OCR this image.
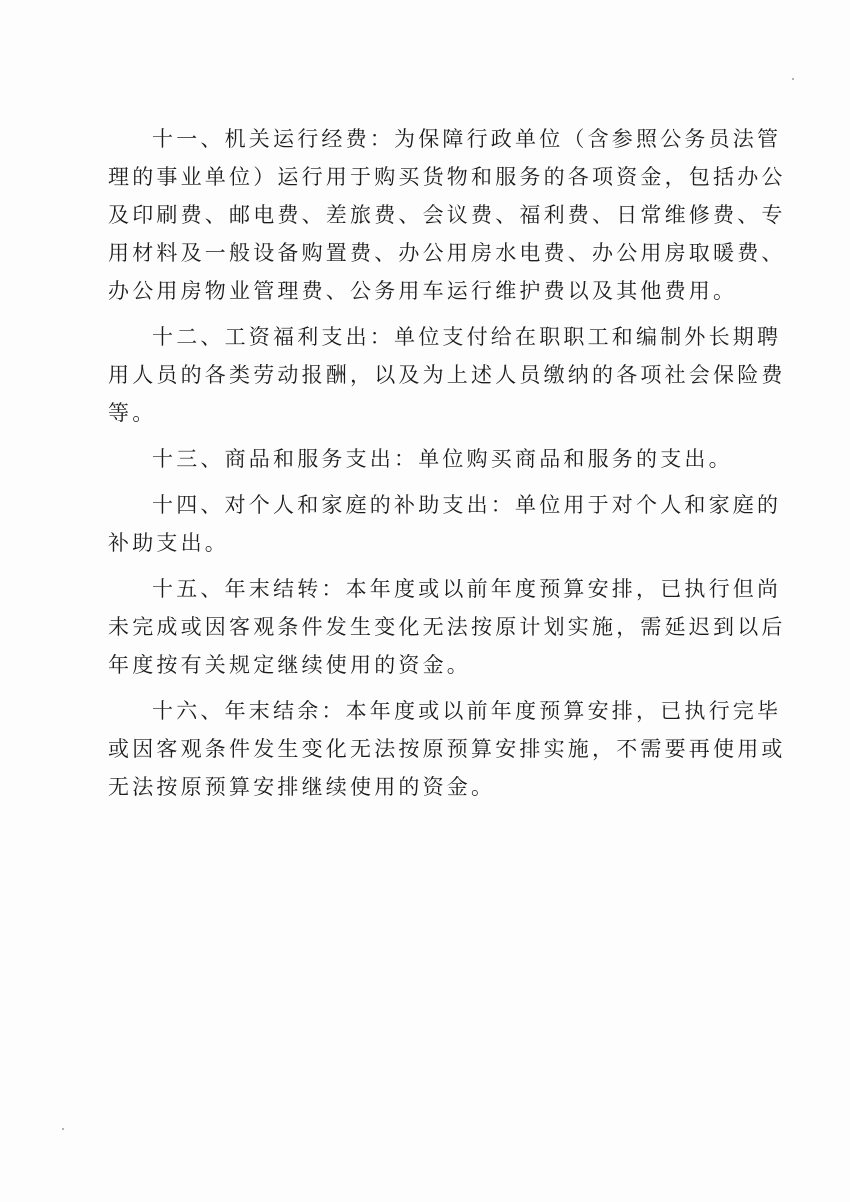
十一、机关运行经费：为保障行政单位（含参照公务员法管

理的事业单位）运行用于购买货物和服务的各项资金，包括办公

及印刷费、邮电费、差旅费、会议费、福利费、日常维修费、专

用材料及一般设备购置费、办公用房水电费、办公用房取暖费、

办公用房物业管理费、公务用车运行维护费以及其他费用。

十二、工资福利支出：单位支付给在职职工和编制外长期聘

用人员的各类劳动报酬，以及为上述人员缴纳的各项社会保险费

等。

十三、商品和服务支出：单位购买商品和服务的支出。

十四、对个人和家庭的补助支出：单位用于对个人和家庭的

补助支出。

十五、年末结转：本年度或以前年度预算安排，已执行但尚

未完成或因客观条件发生变化无法按原计划实施，需延迟到以后

年度按有关规定继续使用的资金。

十六、年末结余：本年度或以前年度预算安排，已执行完毕

或因客观条件发生变化无法按原预算安排实施，不需要再使用或

无法按原预算安排继续使用的资金。
